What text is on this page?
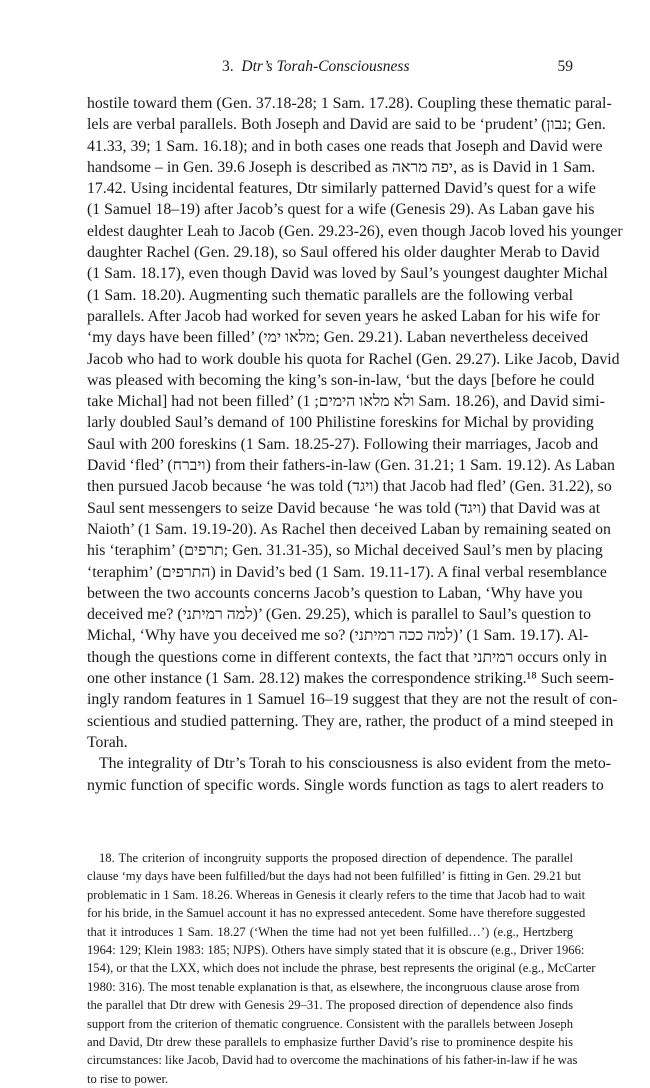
3. Dtr’s Torah-Consciousness	59
hostile toward them (Gen. 37.18-28; 1 Sam. 17.28). Coupling these thematic paral-
lels are verbal parallels. Both Joseph and David are said to be ‘prudent’ (נבון; Gen.
41.33, 39; 1 Sam. 16.18); and in both cases one reads that Joseph and David were
handsome – in Gen. 39.6 Joseph is described as יפה מראה, as is David in 1 Sam.
17.42. Using incidental features, Dtr similarly patterned David’s quest for a wife
(1 Samuel 18–19) after Jacob’s quest for a wife (Genesis 29). As Laban gave his
eldest daughter Leah to Jacob (Gen. 29.23-26), even though Jacob loved his younger
daughter Rachel (Gen. 29.18), so Saul offered his older daughter Merab to David
(1 Sam. 18.17), even though David was loved by Saul’s youngest daughter Michal
(1 Sam. 18.20). Augmenting such thematic parallels are the following verbal
parallels. After Jacob had worked for seven years he asked Laban for his wife for
‘my days have been filled’ (מלאו ימי; Gen. 29.21). Laban nevertheless deceived
Jacob who had to work double his quota for Rachel (Gen. 29.27). Like Jacob, David
was pleased with becoming the king’s son-in-law, ‘but the days [before he could
take Michal] had not been filled’ (ולא מלאו הימים; 1 Sam. 18.26), and David simi-
larly doubled Saul’s demand of 100 Philistine foreskins for Michal by providing
Saul with 200 foreskins (1 Sam. 18.25-27). Following their marriages, Jacob and
David ‘fled’ (ויברח) from their fathers-in-law (Gen. 31.21; 1 Sam. 19.12). As Laban
then pursued Jacob because ‘he was told (ויגד) that Jacob had fled’ (Gen. 31.22), so
Saul sent messengers to seize David because ‘he was told (ויגד) that David was at
Naioth’ (1 Sam. 19.19-20). As Rachel then deceived Laban by remaining seated on
his ‘teraphim’ (תרפים; Gen. 31.31-35), so Michal deceived Saul’s men by placing
‘teraphim’ (התרפים) in David’s bed (1 Sam. 19.11-17). A final verbal resemblance
between the two accounts concerns Jacob’s question to Laban, ‘Why have you
deceived me? (למה רמיתני)’ (Gen. 29.25), which is parallel to Saul’s question to
Michal, ‘Why have you deceived me so? (למה ככה רמיתני)’ (1 Sam. 19.17). Al-
though the questions come in different contexts, the fact that רמיתני occurs only in
one other instance (1 Sam. 28.12) makes the correspondence striking.¹⁸ Such seem-
ingly random features in 1 Samuel 16–19 suggest that they are not the result of con-
scientious and studied patterning. They are, rather, the product of a mind steeped in
Torah.
The integrality of Dtr’s Torah to his consciousness is also evident from the meto-
nymic function of specific words. Single words function as tags to alert readers to
18. The criterion of incongruity supports the proposed direction of dependence. The parallel
clause ‘my days have been fulfilled/but the days had not been fulfilled’ is fitting in Gen. 29.21 but
problematic in 1 Sam. 18.26. Whereas in Genesis it clearly refers to the time that Jacob had to wait
for his bride, in the Samuel account it has no expressed antecedent. Some have therefore suggested
that it introduces 1 Sam. 18.27 (‘When the time had not yet been fulfilled…’) (e.g., Hertzberg
1964: 129; Klein 1983: 185; NJPS). Others have simply stated that it is obscure (e.g., Driver 1966:
154), or that the LXX, which does not include the phrase, best represents the original (e.g., McCarter
1980: 316). The most tenable explanation is that, as elsewhere, the incongruous clause arose from
the parallel that Dtr drew with Genesis 29–31. The proposed direction of dependence also finds
support from the criterion of thematic congruence. Consistent with the parallels between Joseph
and David, Dtr drew these parallels to emphasize further David’s rise to prominence despite his
circumstances: like Jacob, David had to overcome the machinations of his father-in-law if he was
to rise to power.
